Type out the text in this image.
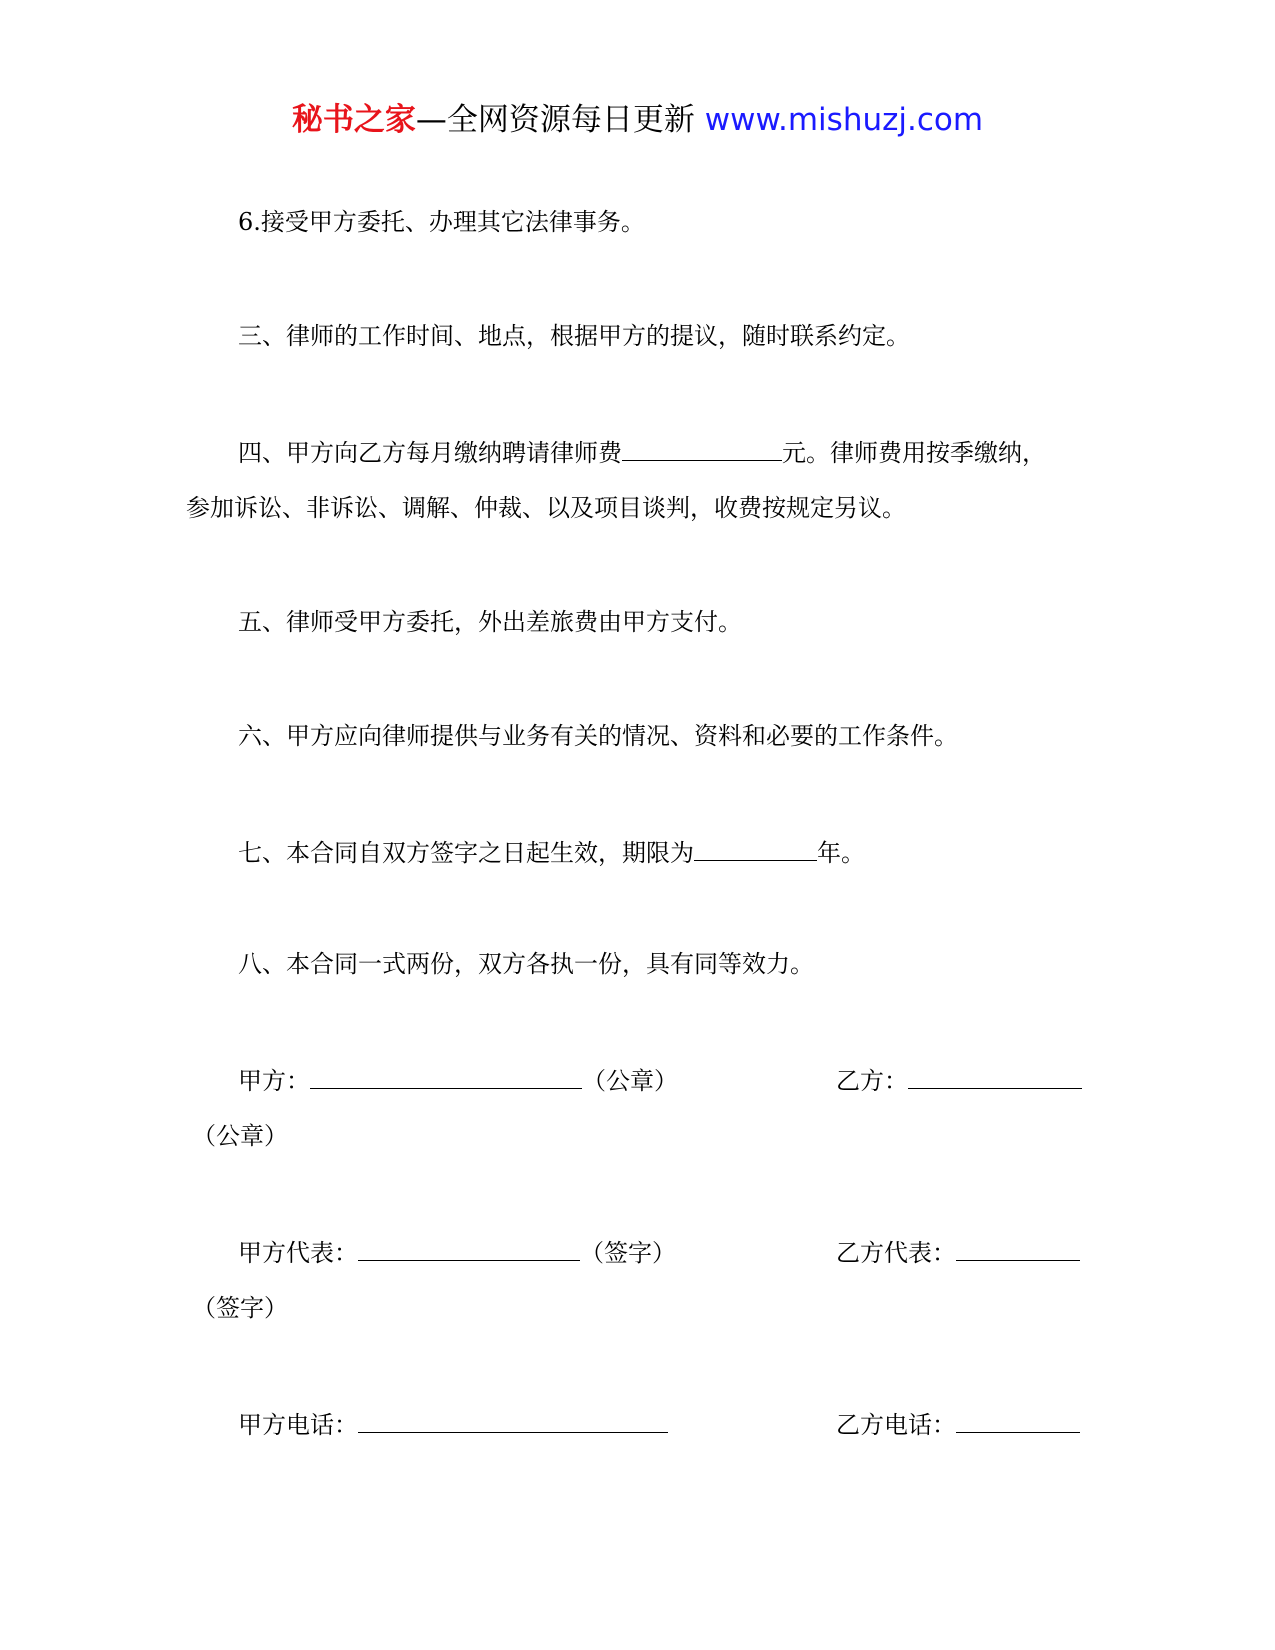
秘书之家—全网资源每日更新 www.mishuzj.com
6.接受甲方委托、办理其它法律事务。
三、律师的工作时间、地点，根据甲方的提议，随时联系约定。
四、甲方向乙方每月缴纳聘请律师费	元。律师费用按季缴纳，
参加诉讼、非诉讼、调解、仲裁、以及项目谈判，收费按规定另议。
五、律师受甲方委托，外出差旅费由甲方支付。
六、甲方应向律师提供与业务有关的情况、资料和必要的工作条件。
七、本合同自双方签字之日起生效，期限为	年。
八、本合同一式两份，双方各执一份，具有同等效力。
甲方：	（公章）	乙方：
（公章）
甲方代表：	（签字）	乙方代表：
（签字）
甲方电话：	乙方电话：
